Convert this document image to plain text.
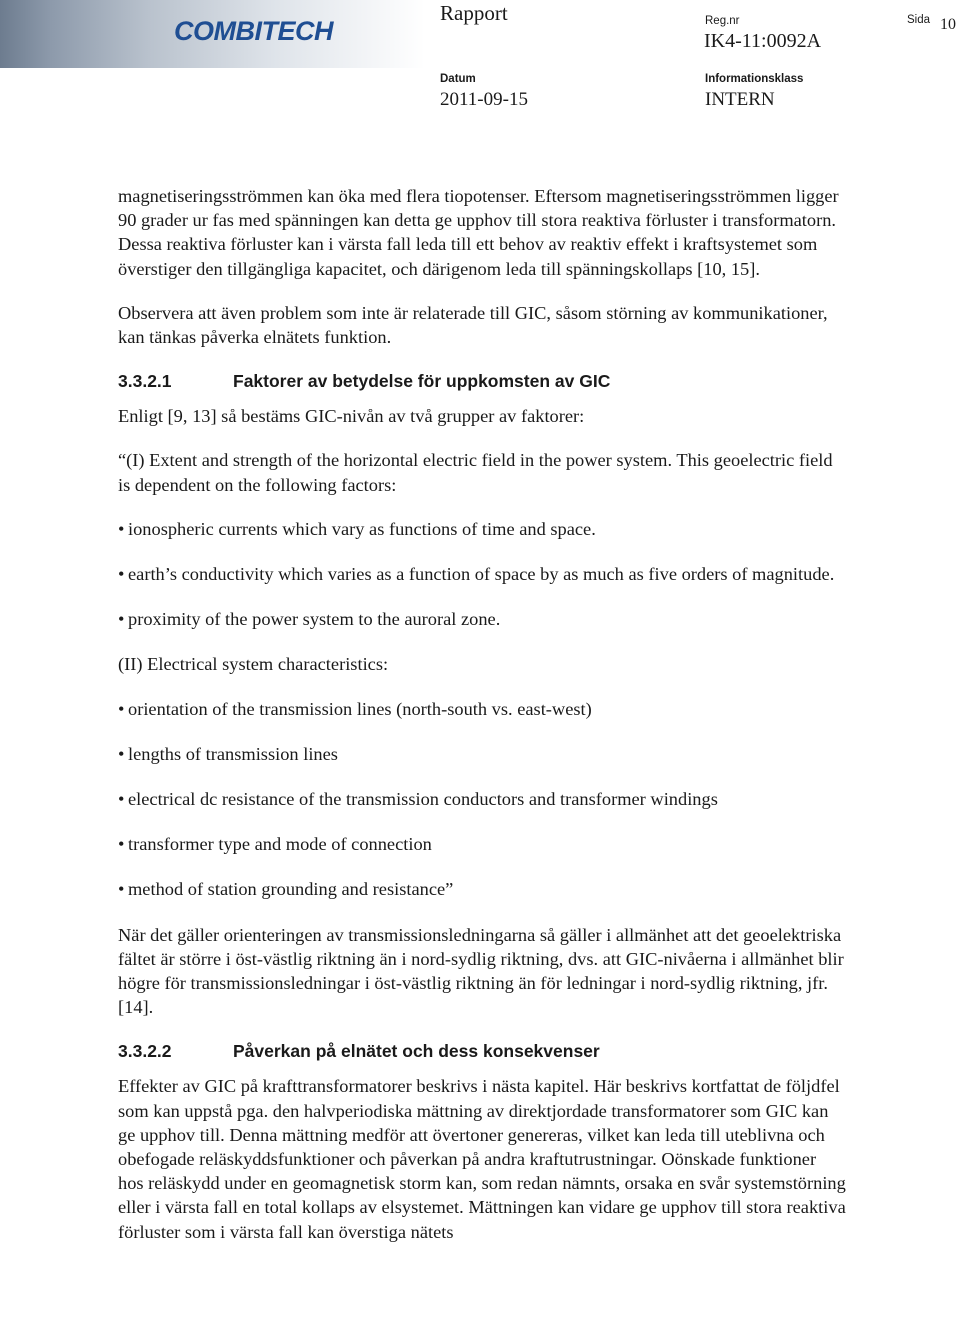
COMBITECH
Rapport	Reg.nr	Sida
IK4-11:0092A
10
Datum	Informationsklass
2011-09-15	INTERN

magnetiseringsströmmen kan öka med flera tiopotenser. Eftersom magnetiseringsströmmen ligger 90 grader ur fas med spänningen kan detta ge upphov till stora reaktiva förluster i transformatorn. Dessa reaktiva förluster kan i värsta fall leda till ett behov av reaktiv effekt i kraftsystemet som överstiger den tillgängliga kapacitet, och därigenom leda till spänningskollaps [10, 15].

Observera att även problem som inte är relaterade till GIC, såsom störning av kommunikationer, kan tänkas påverka elnätets funktion.

3.3.2.1	Faktorer av betydelse för uppkomsten av GIC

Enligt [9, 13] så bestäms GIC-nivån av två grupper av faktorer:

“(I) Extent and strength of the horizontal electric field in the power system. This geoelectric field is dependent on the following factors:

• ionospheric currents which vary as functions of time and space.
• earth’s conductivity which varies as a function of space by as much as five orders of magnitude.
• proximity of the power system to the auroral zone.

(II) Electrical system characteristics:

• orientation of the transmission lines (north-south vs. east-west)
• lengths of transmission lines
• electrical dc resistance of the transmission conductors and transformer windings
• transformer type and mode of connection
• method of station grounding and resistance”

När det gäller orienteringen av transmissionsledningarna så gäller i allmänhet att det geoelektriska fältet är större i öst-västlig riktning än i nord-sydlig riktning, dvs. att GIC-nivåerna i allmänhet blir högre för transmissionsledningar i öst-västlig riktning än för ledningar i nord-sydlig riktning, jfr. [14].

3.3.2.2	Påverkan på elnätet och dess konsekvenser

Effekter av GIC på krafttransformatorer beskrivs i nästa kapitel. Här beskrivs kortfattat de följdfel som kan uppstå pga. den halvperiodiska mättning av direktjordade transformatorer som GIC kan ge upphov till. Denna mättning medför att övertoner genereras, vilket kan leda till uteblivna och obefogade reläskyddsfunktioner och påverkan på andra kraftutrustningar. Oönskade funktioner hos reläskydd under en geomagnetisk storm kan, som redan nämnts, orsaka en svår systemstörning eller i värsta fall en total kollaps av elsystemet. Mättningen kan vidare ge upphov till stora reaktiva förluster som i värsta fall kan överstiga nätets
